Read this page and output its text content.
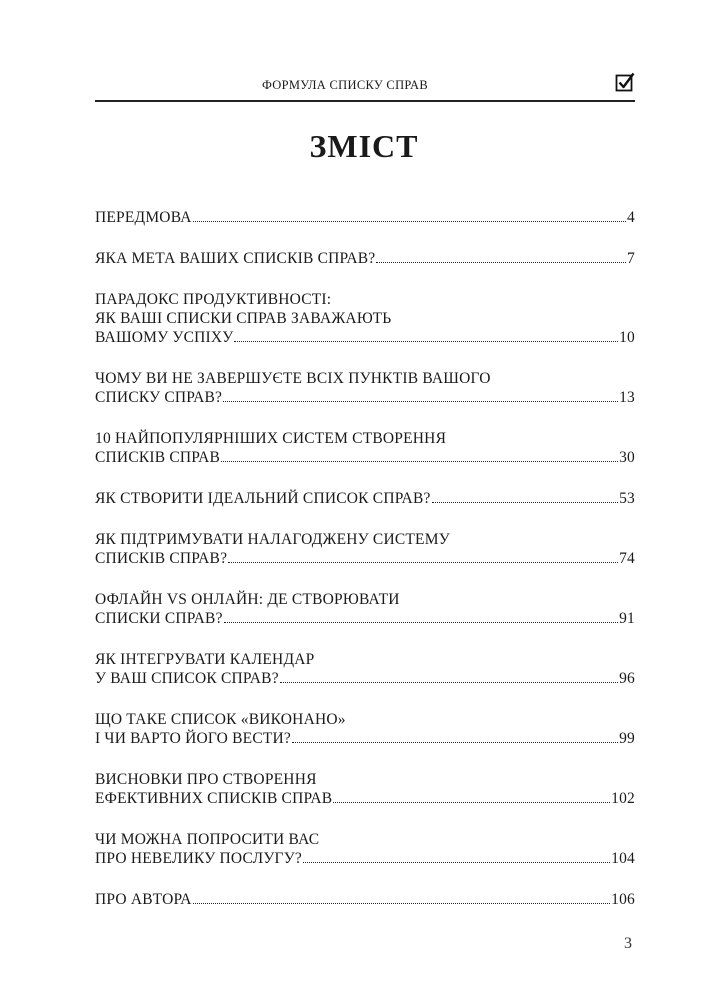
ФОРМУЛА СПИСКУ СПРАВ
ЗМІСТ
ПЕРЕДМОВА	4
ЯКА МЕТА ВАШИХ СПИСКІВ СПРАВ?	7
ПАРАДОКС ПРОДУКТИВНОСТІ:
ЯК ВАШІ СПИСКИ СПРАВ ЗАВАЖАЮТЬ
ВАШОМУ УСПІХУ	10
ЧОМУ ВИ НЕ ЗАВЕРШУЄТЕ ВСІХ ПУНКТІВ ВАШОГО
СПИСКУ СПРАВ?	13
10 НАЙПОПУЛЯРНІШИХ СИСТЕМ СТВОРЕННЯ
СПИСКІВ СПРАВ	30
ЯК СТВОРИТИ ІДЕАЛЬНИЙ СПИСОК СПРАВ?	53
ЯК ПІДТРИМУВАТИ НАЛАГОДЖЕНУ СИСТЕМУ
СПИСКІВ СПРАВ?	74
ОФЛАЙН VS ОНЛАЙН: ДЕ СТВОРЮВАТИ
СПИСКИ СПРАВ?	91
ЯК ІНТЕГРУВАТИ КАЛЕНДАР
У ВАШ СПИСОК СПРАВ?	96
ЩО ТАКЕ СПИСОК «ВИКОНАНО»
І ЧИ ВАРТО ЙОГО ВЕСТИ?	99
ВИСНОВКИ ПРО СТВОРЕННЯ
ЕФЕКТИВНИХ СПИСКІВ СПРАВ	102
ЧИ МОЖНА ПОПРОСИТИ ВАС
ПРО НЕВЕЛИКУ ПОСЛУГУ?	104
ПРО АВТОРА	106
3
